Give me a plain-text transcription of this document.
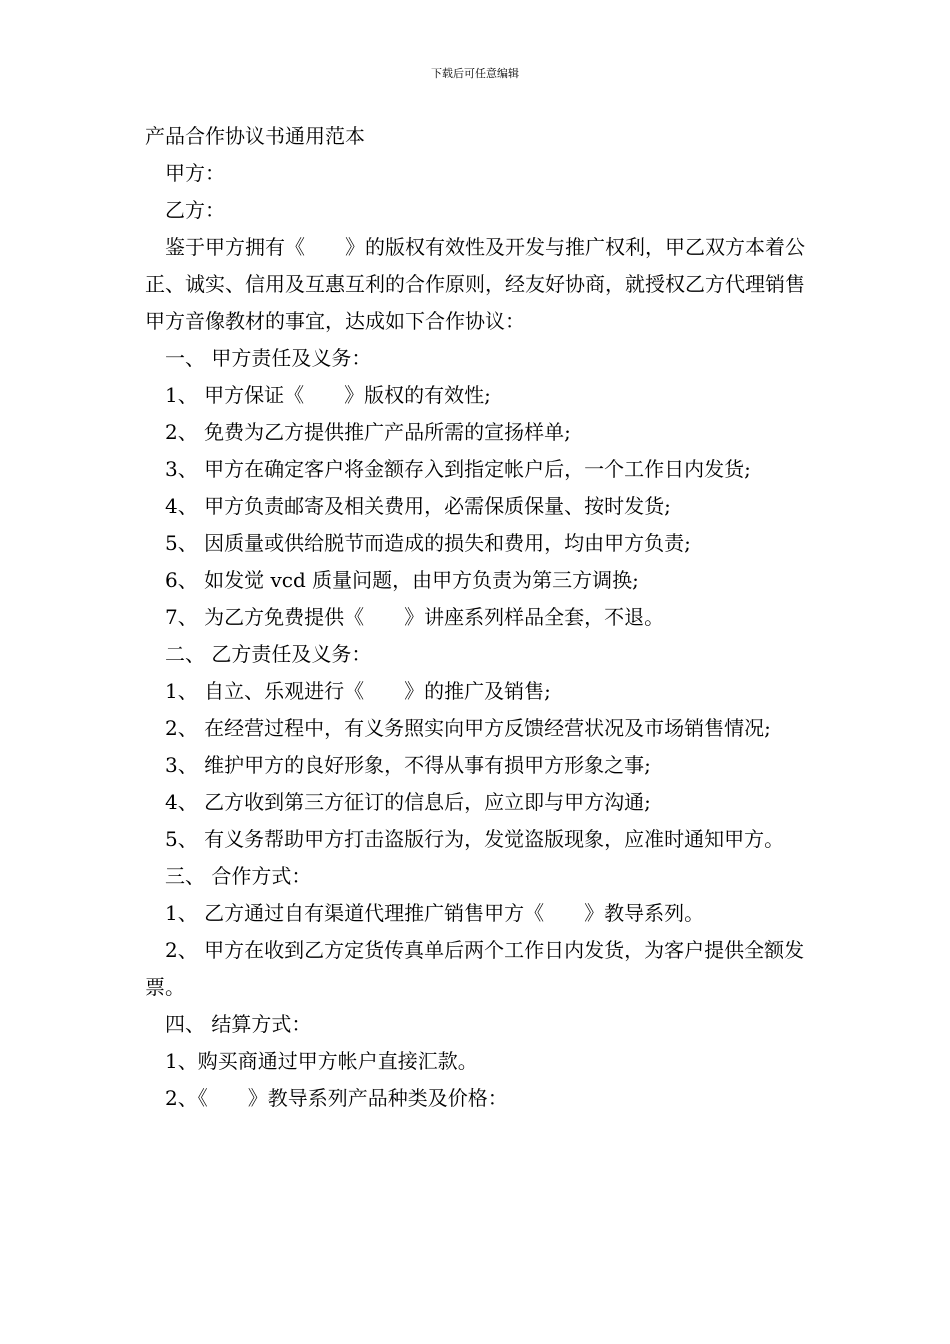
下载后可任意编辑

产品合作协议书通用范本

甲方：

乙方：

鉴于甲方拥有《　　》的版权有效性及开发与推广权利，甲乙双方本着公正、诚实、信用及互惠互利的合作原则，经友好协商，就授权乙方代理销售甲方音像教材的事宜，达成如下合作协议：

一、 甲方责任及义务：

1、 甲方保证《　　》版权的有效性;

2、 免费为乙方提供推广产品所需的宣扬样单;

3、 甲方在确定客户将金额存入到指定帐户后，一个工作日内发货;

4、 甲方负责邮寄及相关费用，必需保质保量、按时发货;

5、 因质量或供给脱节而造成的损失和费用，均由甲方负责;

6、 如发觉 vcd 质量问题，由甲方负责为第三方调换;

7、 为乙方免费提供《　　》讲座系列样品全套，不退。

二、 乙方责任及义务：

1、 自立、乐观进行《　　》的推广及销售;

2、 在经营过程中，有义务照实向甲方反馈经营状况及市场销售情况;

3、 维护甲方的良好形象，不得从事有损甲方形象之事;

4、 乙方收到第三方征订的信息后，应立即与甲方沟通;

5、 有义务帮助甲方打击盗版行为，发觉盗版现象，应准时通知甲方。

三、 合作方式：

1、 乙方通过自有渠道代理推广销售甲方《　　》教导系列。

2、 甲方在收到乙方定货传真单后两个工作日内发货，为客户提供全额发票。

四、 结算方式：

1、购买商通过甲方帐户直接汇款。

2、《　　》教导系列产品种类及价格：
